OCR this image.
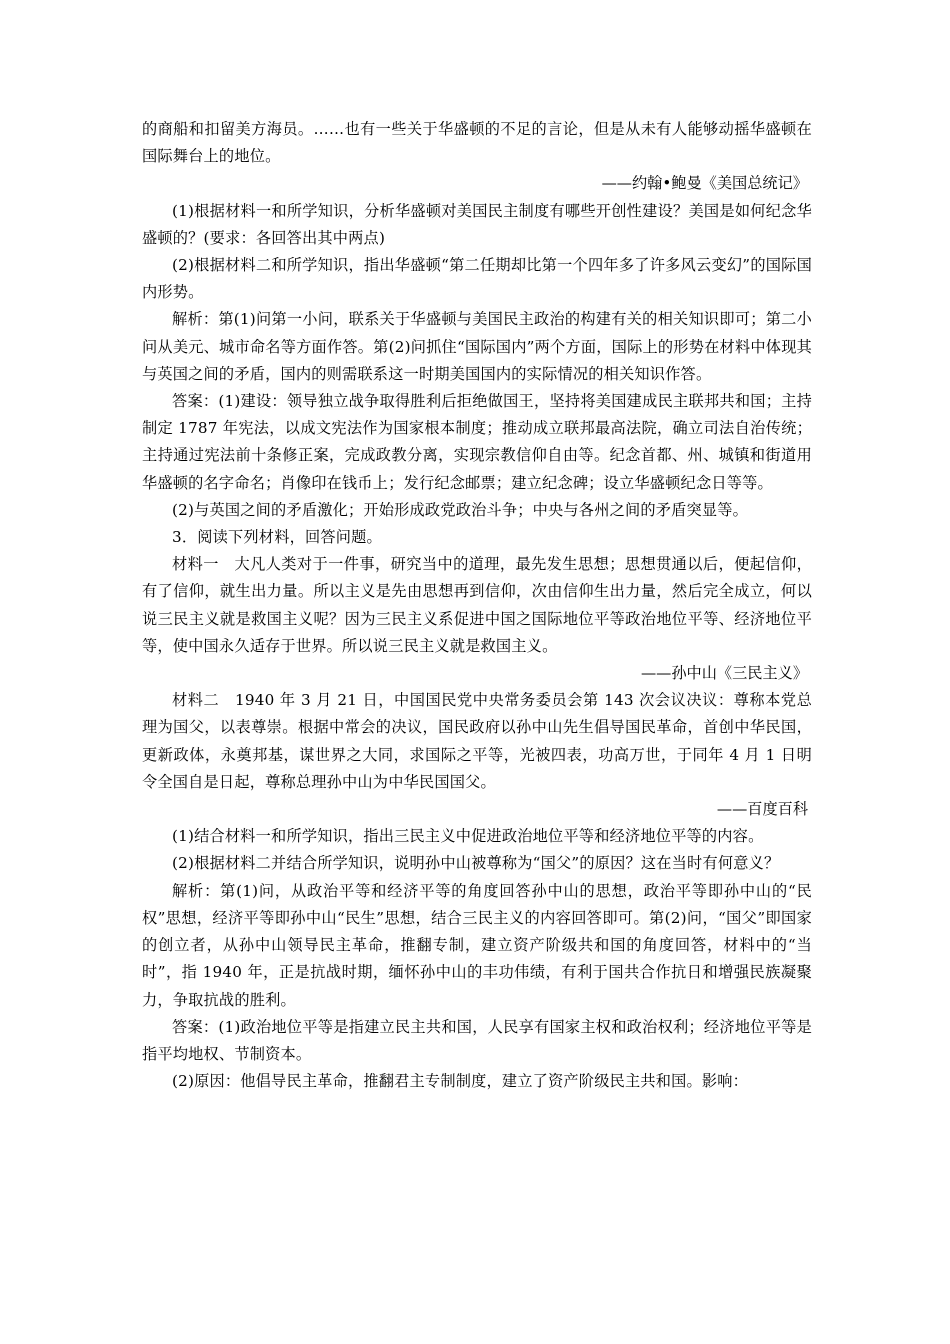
的商船和扣留美方海员。……也有一些关于华盛顿的不足的言论，但是从未有人能够动摇华盛顿在国际舞台上的地位。

——约翰•鲍曼《美国总统记》

(1)根据材料一和所学知识，分析华盛顿对美国民主制度有哪些开创性建设？美国是如何纪念华盛顿的？(要求：各回答出其中两点)

(2)根据材料二和所学知识，指出华盛顿“第二任期却比第一个四年多了许多风云变幻”的国际国内形势。

解析：第(1)问第一小问，联系关于华盛顿与美国民主政治的构建有关的相关知识即可；第二小问从美元、城市命名等方面作答。第(2)问抓住“国际国内”两个方面，国际上的形势在材料中体现其与英国之间的矛盾，国内的则需联系这一时期美国国内的实际情况的相关知识作答。

答案：(1)建设：领导独立战争取得胜利后拒绝做国王，坚持将美国建成民主联邦共和国；主持制定 1787 年宪法，以成文宪法作为国家根本制度；推动成立联邦最高法院，确立司法自治传统；主持通过宪法前十条修正案，完成政教分离，实现宗教信仰自由等。纪念首都、州、城镇和街道用华盛顿的名字命名；肖像印在钱币上；发行纪念邮票；建立纪念碑；设立华盛顿纪念日等等。

(2)与英国之间的矛盾激化；开始形成政党政治斗争；中央与各州之间的矛盾突显等。

3．阅读下列材料，回答问题。

材料一　大凡人类对于一件事，研究当中的道理，最先发生思想；思想贯通以后，便起信仰，有了信仰，就生出力量。所以主义是先由思想再到信仰，次由信仰生出力量，然后完全成立，何以说三民主义就是救国主义呢？因为三民主义系促进中国之国际地位平等政治地位平等、经济地位平等，使中国永久适存于世界。所以说三民主义就是救国主义。

——孙中山《三民主义》

材料二　1940 年 3 月 21 日，中国国民党中央常务委员会第 143 次会议决议：尊称本党总理为国父，以表尊崇。根据中常会的决议，国民政府以孙中山先生倡导国民革命，首创中华民国，更新政体，永奠邦基，谋世界之大同，求国际之平等，光被四表，功高万世，于同年 4 月 1 日明令全国自是日起，尊称总理孙中山为中华民国国父。

——百度百科

(1)结合材料一和所学知识，指出三民主义中促进政治地位平等和经济地位平等的内容。

(2)根据材料二并结合所学知识，说明孙中山被尊称为“国父”的原因？这在当时有何意义？

解析：第(1)问，从政治平等和经济平等的角度回答孙中山的思想，政治平等即孙中山的“民权”思想，经济平等即孙中山“民生”思想，结合三民主义的内容回答即可。第(2)问，“国父”即国家的创立者，从孙中山领导民主革命，推翻专制，建立资产阶级共和国的角度回答，材料中的“当时”，指 1940 年，正是抗战时期，缅怀孙中山的丰功伟绩，有利于国共合作抗日和增强民族凝聚力，争取抗战的胜利。

答案：(1)政治地位平等是指建立民主共和国，人民享有国家主权和政治权利；经济地位平等是指平均地权、节制资本。

(2)原因：他倡导民主革命，推翻君主专制制度，建立了资产阶级民主共和国。影响：
